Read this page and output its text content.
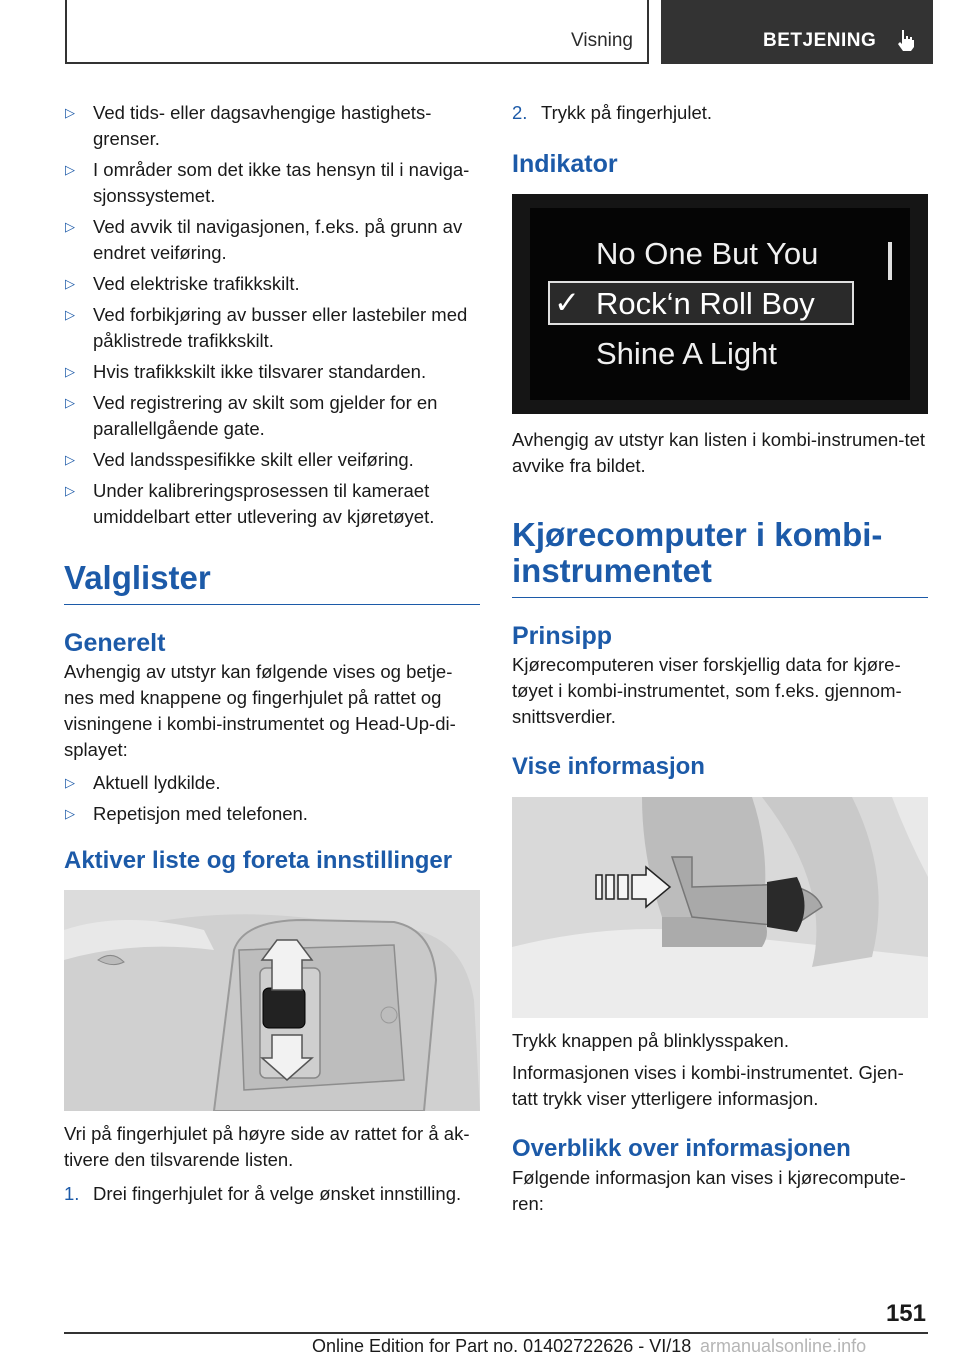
Visning	BETJENING
▷ Ved tids- eller dagsavhengige hastighets-grenser.
▷ I områder som det ikke tas hensyn til i naviga-sjonssystemet.
▷ Ved avvik til navigasjonen, f.eks. på grunn av endret veiføring.
▷ Ved elektriske trafikkskilt.
▷ Ved forbikjøring av busser eller lastebiler med påklistrede trafikkskilt.
▷ Hvis trafikkskilt ikke tilsvarer standarden.
▷ Ved registrering av skilt som gjelder for en parallellgående gate.
▷ Ved landsspesifikke skilt eller veiføring.
▷ Under kalibreringsprosessen til kameraet umiddelbart etter utlevering av kjøretøyet.
Valglister
Generelt

Avhengig av utstyr kan følgende vises og betje-nes med knappene og fingerhjulet på rattet og visningene i kombi-instrumentet og Head-Up-di-splayet:

▷ Aktuell lydkilde.
▷ Repetisjon med telefonen.
Aktiver liste og foreta innstillinger

Vri på fingerhjulet på høyre side av rattet for å ak-tivere den tilsvarende listen.

1. Drei fingerhjulet for å velge ønsket innstilling.
2. Trykk på fingerhjulet.
Indikator
No One But You
✓ Rock‘n Roll Boy
Shine A Light

Avhengig av utstyr kan listen i kombi-instrumen-tet avvike fra bildet.

Kjørecomputer i kombi-instrumentet
Prinsipp

Kjørecomputeren viser forskjellig data for kjøre-tøyet i kombi-instrumentet, som f.eks. gjennom-snittsverdier.

Vise informasjon

Trykk knappen på blinklysspaken.

Informasjonen vises i kombi-instrumentet. Gjen-tatt trykk viser ytterligere informasjon.

Overblikk over informasjonen

Følgende informasjon kan vises i kjørecompute-ren:

151
Online Edition for Part no. 01402722626 - VI/18 armanualsonline.info
